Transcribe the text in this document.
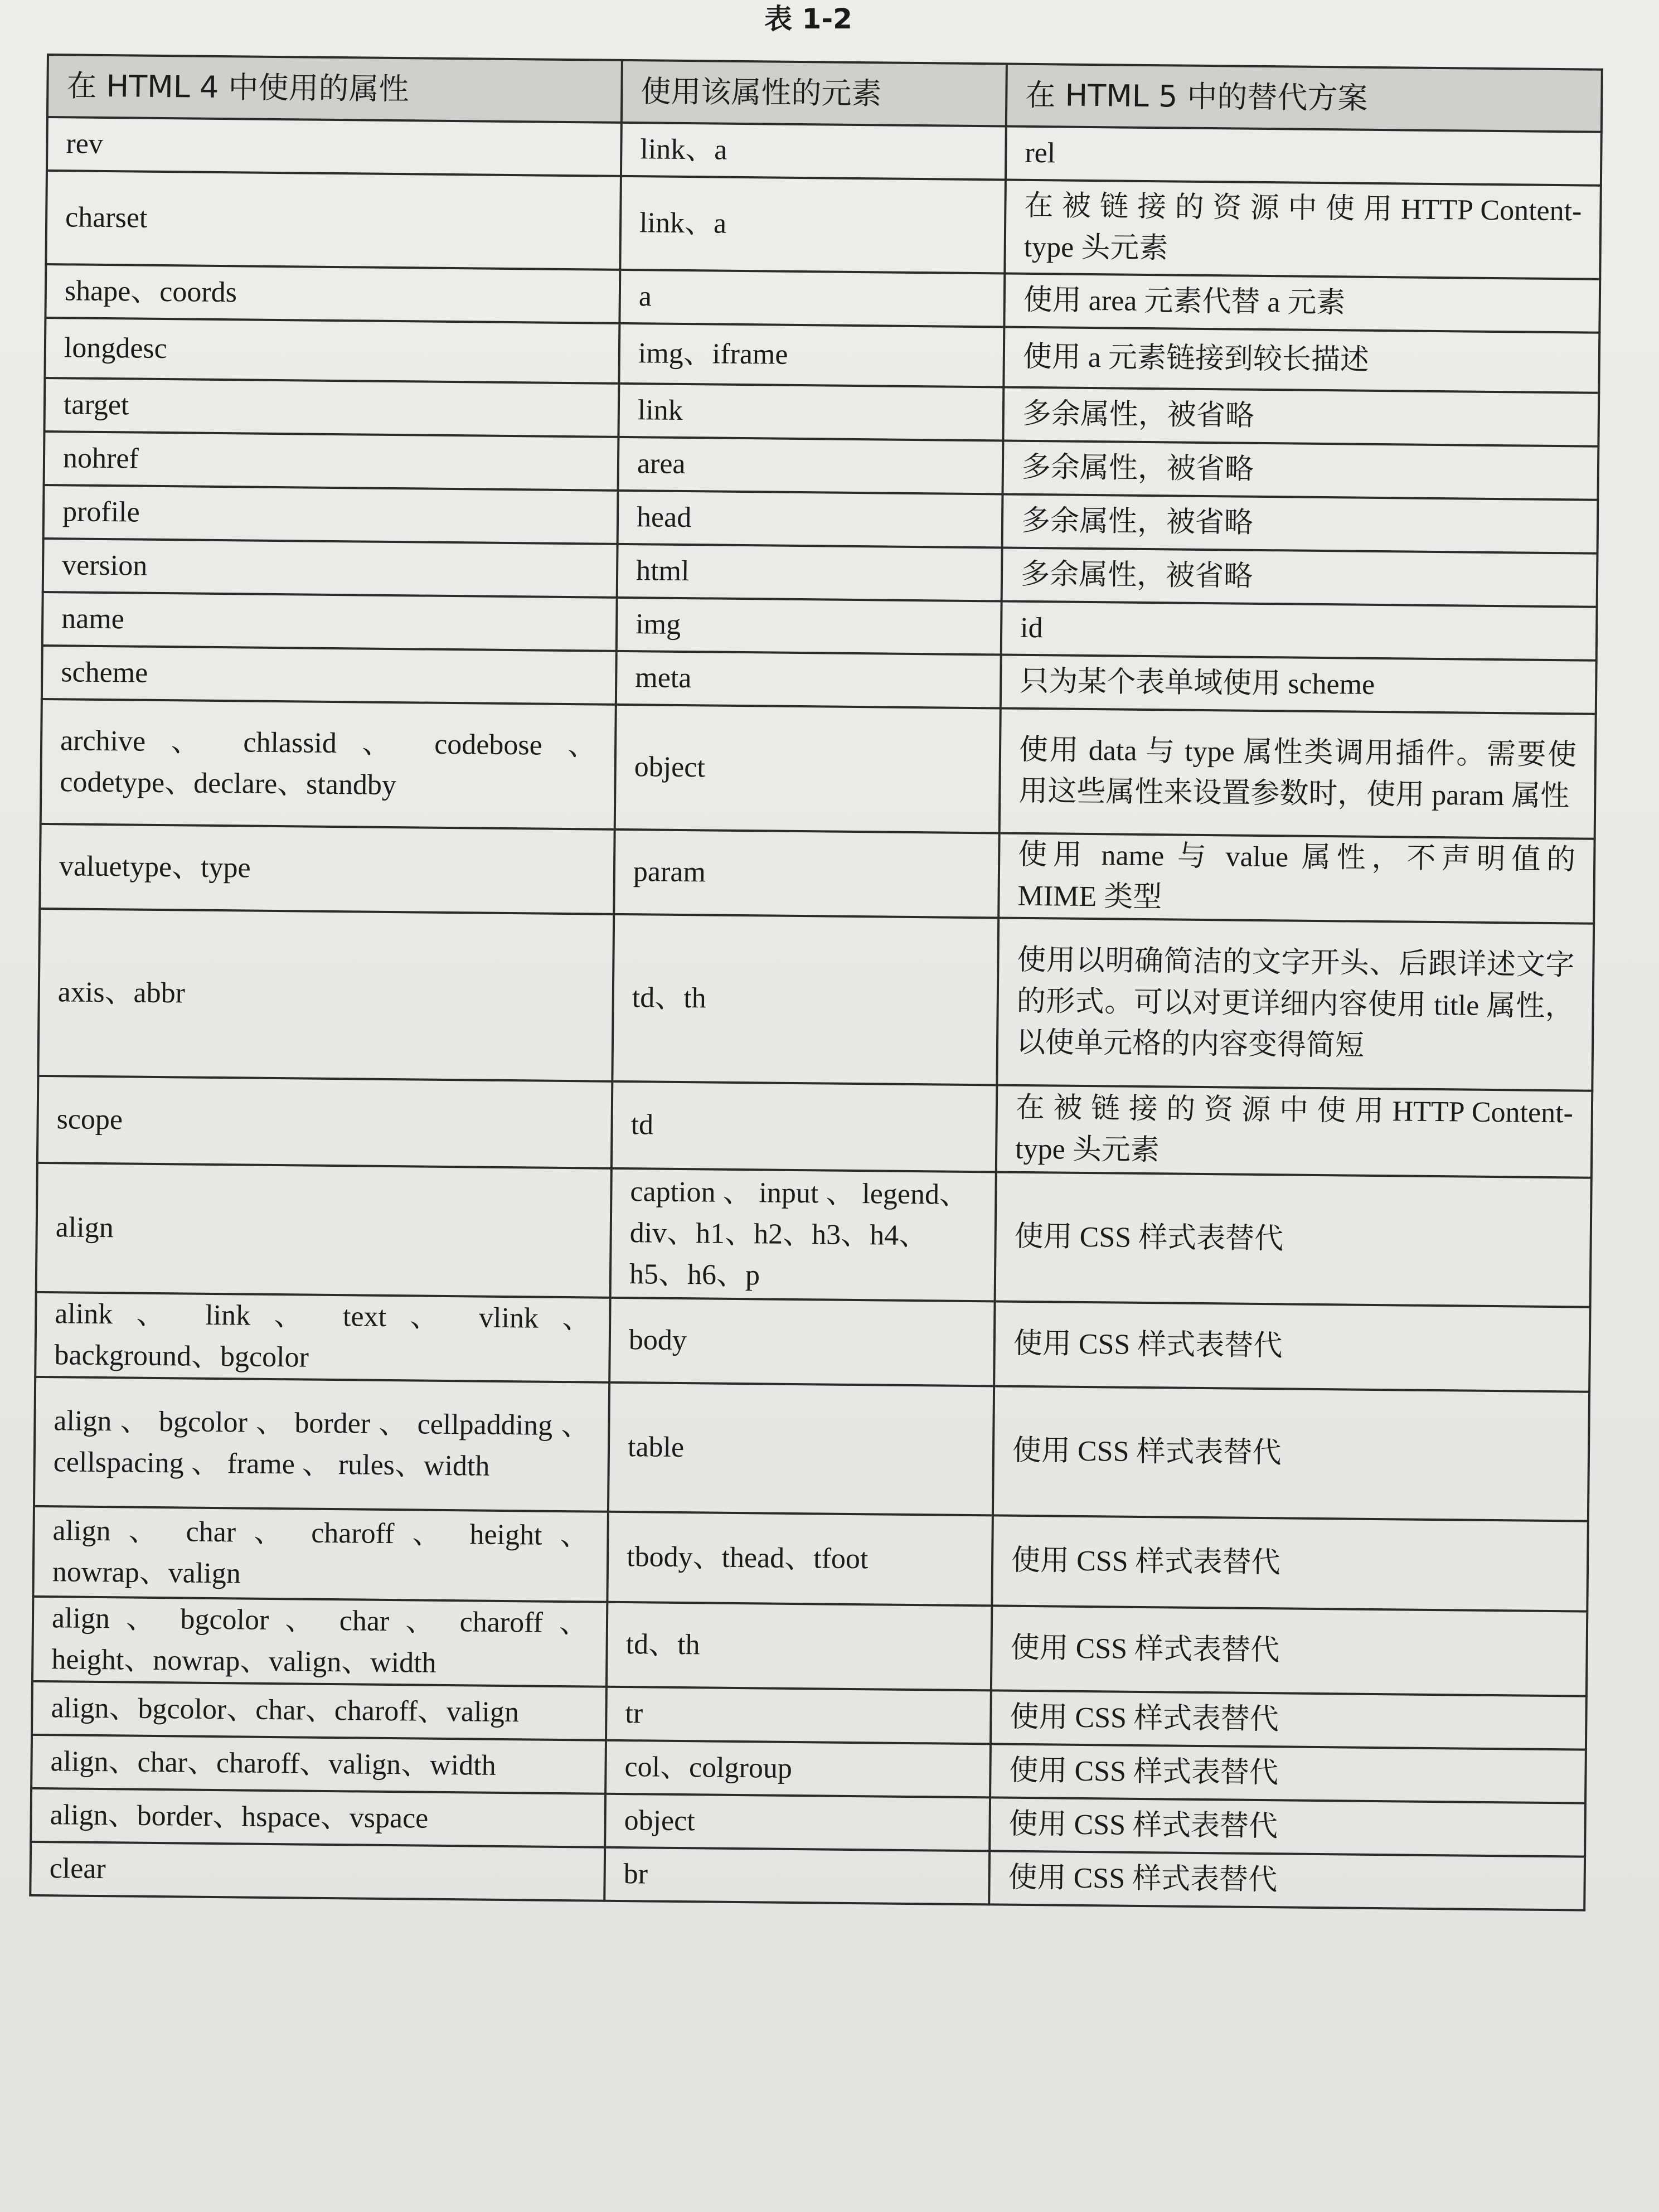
表 1-2
在 HTML 4 中使用的属性	使用该属性的元素	在 HTML 5 中的替代方案
rev	link、a	rel
charset	link、a	在 被 链 接 的 资 源 中 使 用 HTTP Content-type 头元素
shape、coords	a	使用 area 元素代替 a 元素
longdesc	img、iframe	使用 a 元素链接到较长描述
target	link	多余属性，被省略
nohref	area	多余属性，被省略
profile	head	多余属性，被省略
version	html	多余属性，被省略
name	img	id
scheme	meta	只为某个表单域使用 scheme
archive 、 chlassid 、 codebose 、 codetype、declare、standby	object	使用 data 与 type 属性类调用插件。需要使用这些属性来设置参数时，使用 param 属性
valuetype、type	param	使用 name 与 value 属性，不声明值的 MIME 类型
axis、abbr	td、th	使用以明确简洁的文字开头、后跟详述文字的形式。可以对更详细内容使用 title 属性，以使单元格的内容变得简短
scope	td	在 被 链 接 的 资 源 中 使 用 HTTP Content-type 头元素
align	caption 、 input 、 legend、div、h1、h2、h3、h4、h5、h6、p	使用 CSS 样式表替代
alink 、 link 、 text 、 vlink 、 background、bgcolor	body	使用 CSS 样式表替代
align 、 bgcolor 、 border 、 cellpadding 、 cellspacing 、 frame 、 rules、width	table	使用 CSS 样式表替代
align 、 char 、 charoff 、 height 、 nowrap、valign	tbody、thead、tfoot	使用 CSS 样式表替代
align 、 bgcolor 、 char 、 charoff 、 height、nowrap、valign、width	td、th	使用 CSS 样式表替代
align、bgcolor、char、charoff、valign	tr	使用 CSS 样式表替代
align、char、charoff、valign、width	col、colgroup	使用 CSS 样式表替代
align、border、hspace、vspace	object	使用 CSS 样式表替代
clear	br	使用 CSS 样式表替代
